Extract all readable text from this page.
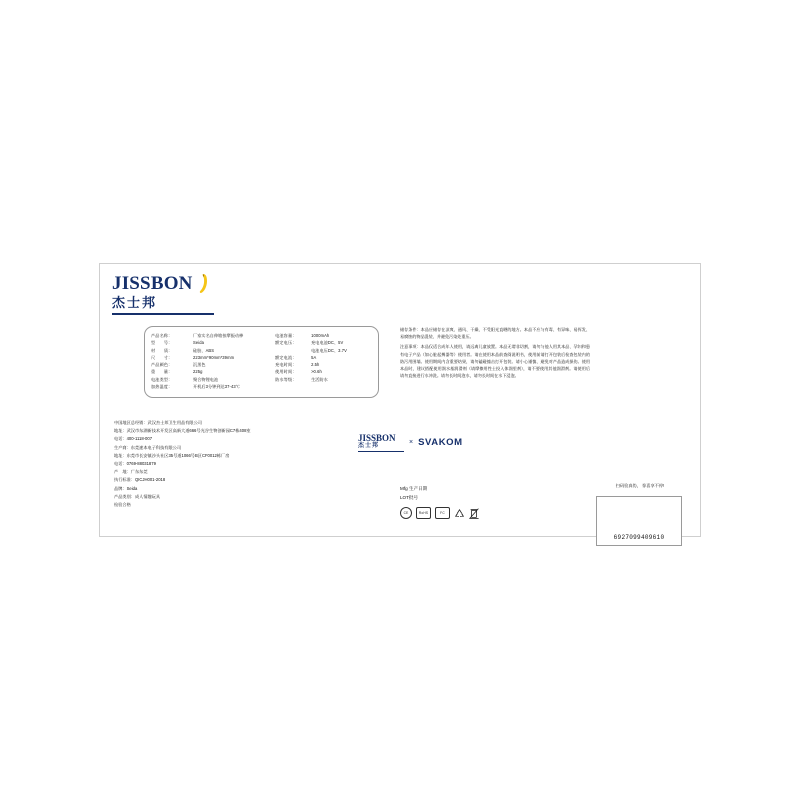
JISSBON
杰士邦
产品名称：	厂家实名自伸缩按摩振动棒
型　　号：	Seida
材　　质：	硅胶、ABS
尺　　寸：	223mm*90mm*39mm
产品颜色：	沉黑色
重　　量：	225g
电池类型：	聚合物锂电池
加热温度：	开机后3分钟到达37-43℃
电池容量：	1000mAh
额定电压：	充电电池DC、5V
电池电压DC、3.7V
额定电流：	5A
充电时间：	2.5h
使用时间：	>0.6h
防水等级：	生活防水

储存条件：本品应储存在凉爽、通风、干燥、不受阳光直晒的地方。本品不应与有毒、有异味、易挥发、易腐蚀的物品混装、并避免污染处重压。

注意事项：本品仅适合成年人使用，请远离儿童放置。本品无谓非切割，请勿与他人用其本品、孕妇和患有电子产品（如心脏起搏器等）使用者。请在使用本品前查阅说明书，使用前请打开包装后检查包装内的防污用围墙。使用期间内含重要结果，请勿磕碰撞击打开包装。请小心谨慎、避免对产品造成损伤。使用本品时，建议搭配使用润水基润滑剂（请摩擦用性士投入体润里剂），请不要使用其他润滑剂。请使用后请勿直接进行水冲洗。请勿长时间泡水，请勿长时间在水下浸泡。

中国地区总经销：武汉杰士邦卫生用品有限公司
地址：武汉市东湖新技术开发区高新大道666号光谷生物创新园C7栋408室
电话：400-1118-007
生产商：东莞速本电子科技有限公司
地址：东莞市长安镇沙头社区35号道1066号B区CF0012栋厂房
电话：0769-88031879
产　地：广东东莞
执行标准：QICJH001-2018
品牌：Seida
产品类别：成人情趣玩具
检验合格
JISSBON
杰士邦	× SVAKOM
Mfg 生产日期
LOT批号
CE	RoHS	FC
扫码验真伪， 惊喜享不停!
6927099409610
